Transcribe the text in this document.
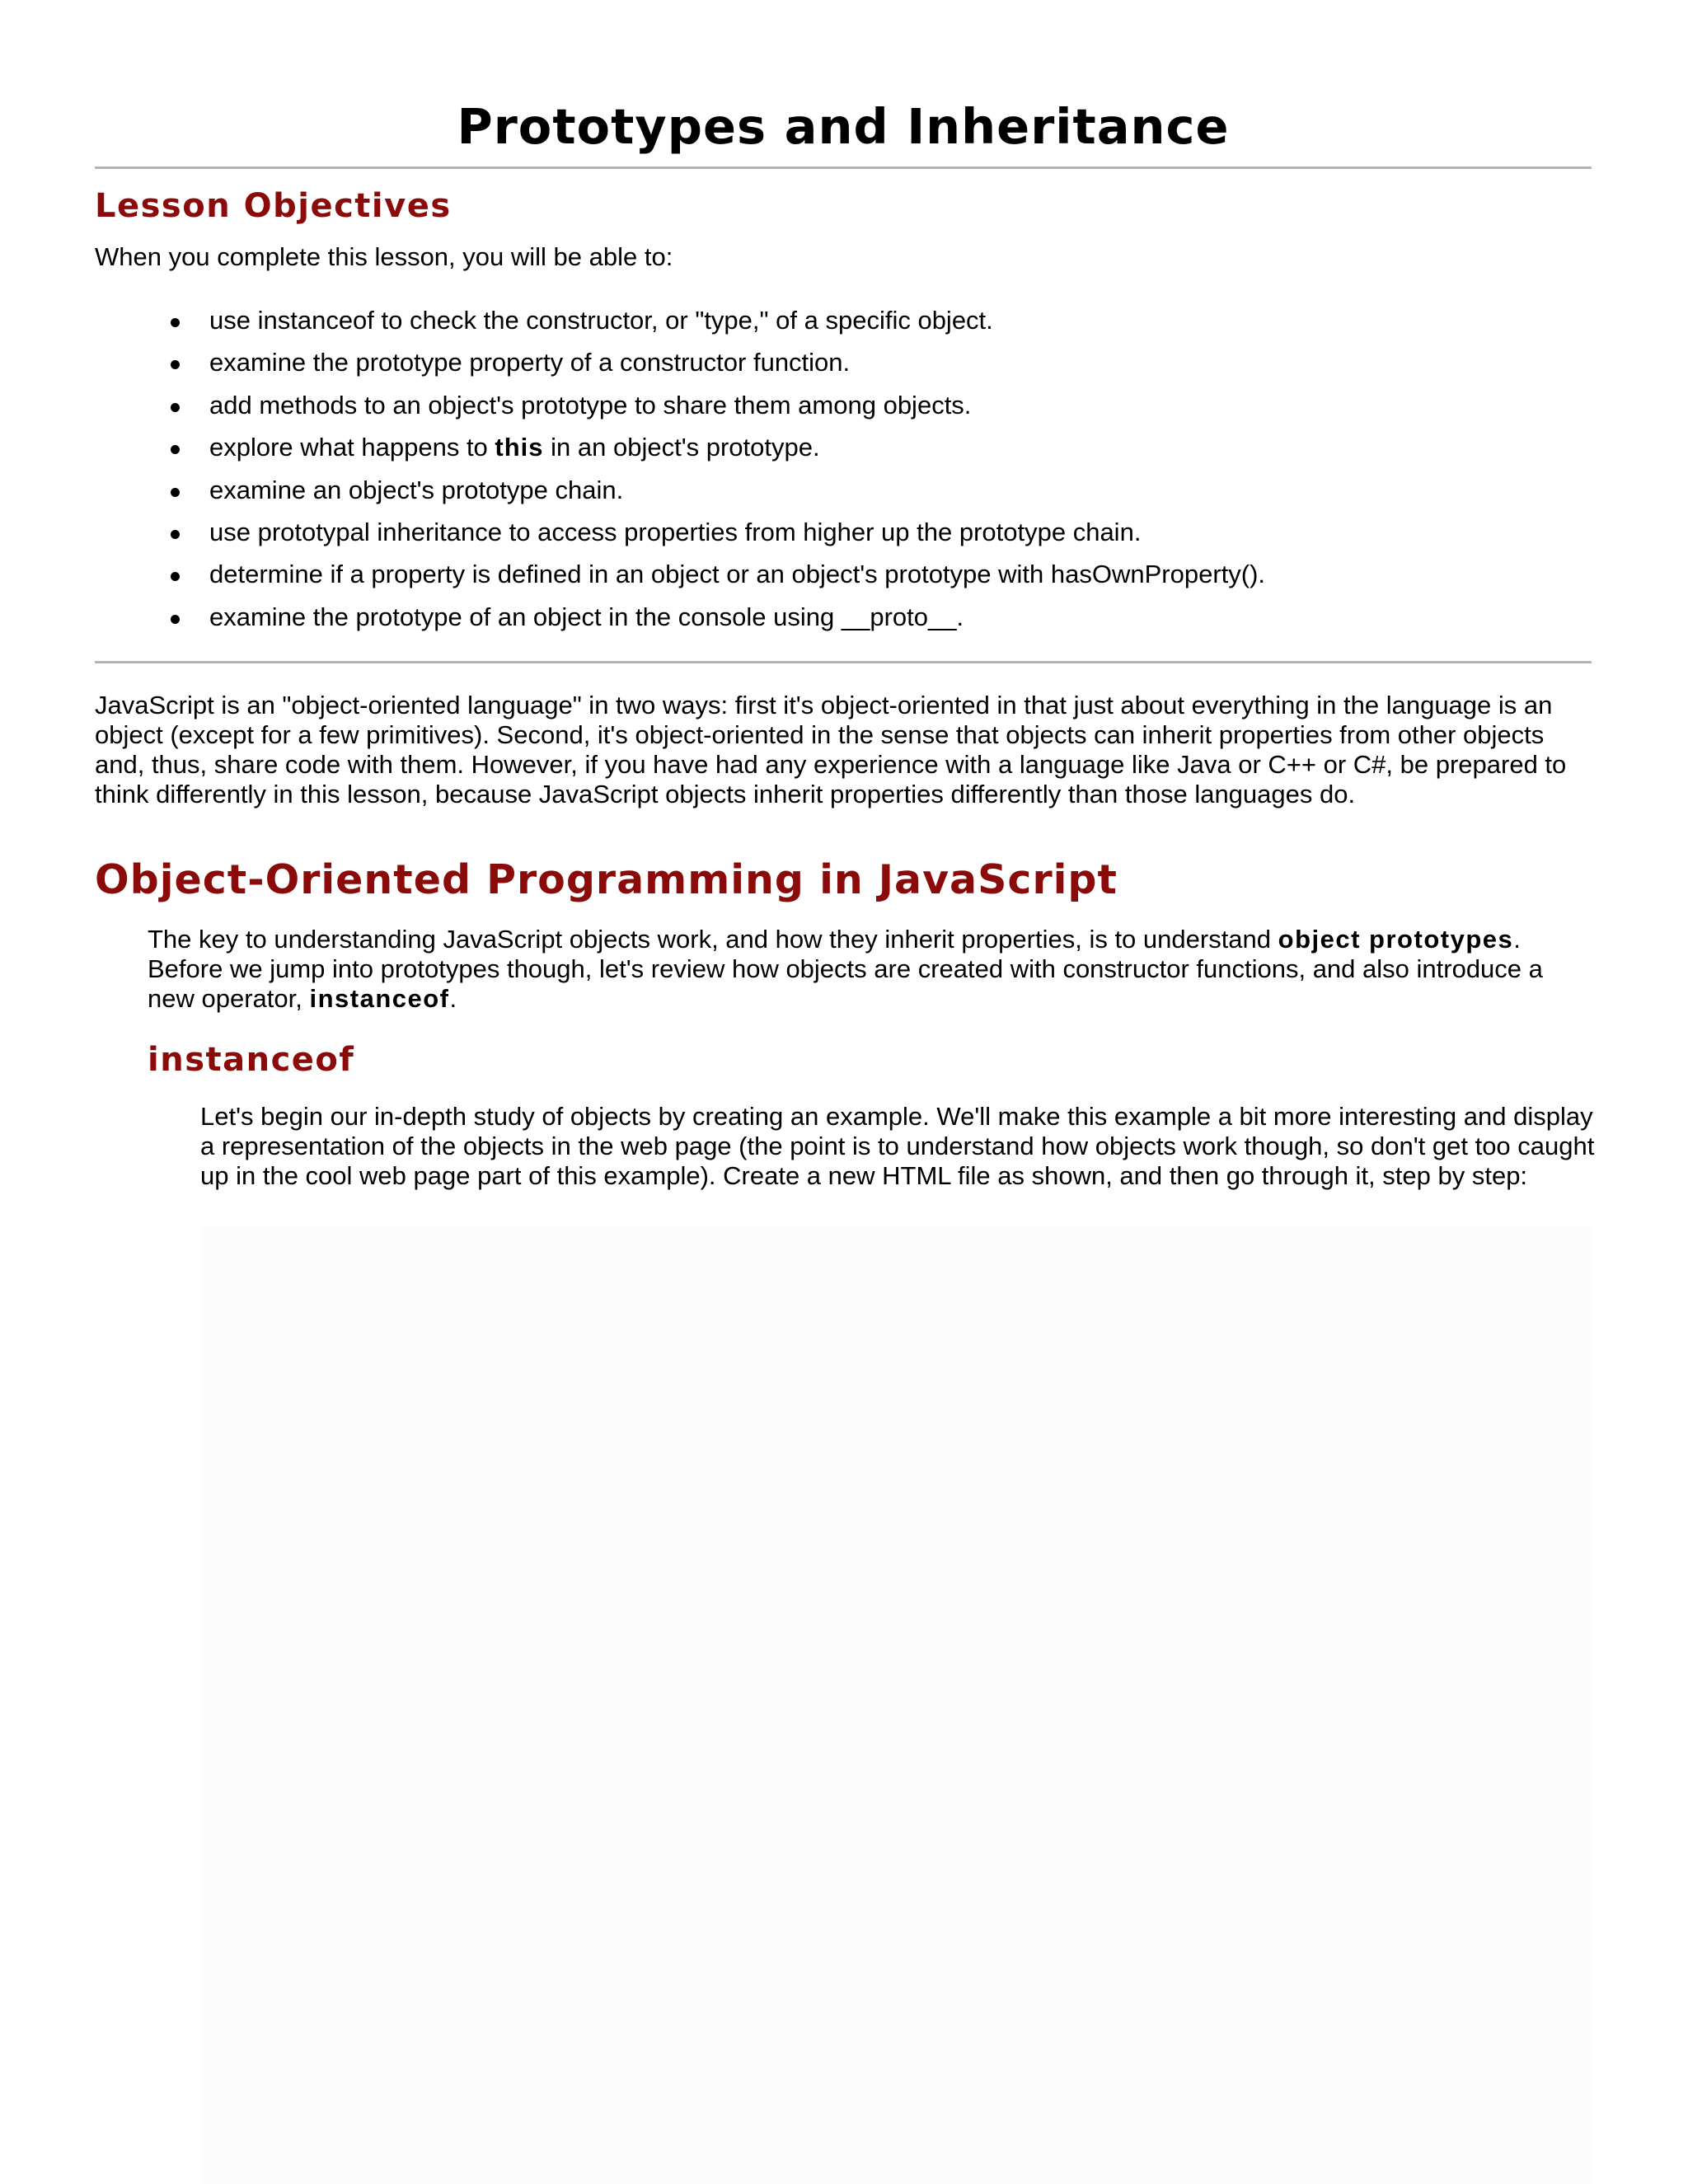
Prototypes and Inheritance
Lesson Objectives

When you complete this lesson, you will be able to:

use instanceof to check the constructor, or "type," of a specific object.
examine the prototype property of a constructor function.
add methods to an object's prototype to share them among objects.
explore what happens to this in an object's prototype.
examine an object's prototype chain.
use prototypal inheritance to access properties from higher up the prototype chain.
determine if a property is defined in an object or an object's prototype with hasOwnProperty().
examine the prototype of an object in the console using __proto__.

JavaScript is an "object-oriented language" in two ways: first it's object-oriented in that just about everything in the language is an object (except for a few primitives). Second, it's object-oriented in the sense that objects can inherit properties from other objects and, thus, share code with them. However, if you have had any experience with a language like Java or C++ or C#, be prepared to think differently in this lesson, because JavaScript objects inherit properties differently than those languages do.

Object-Oriented Programming in JavaScript

The key to understanding JavaScript objects work, and how they inherit properties, is to understand object prototypes. Before we jump into prototypes though, let's review how objects are created with constructor functions, and also introduce a new operator, instanceof.

instanceof

Let's begin our in-depth study of objects by creating an example. We'll make this example a bit more interesting and display a representation of the objects in the web page (the point is to understand how objects work though, so don't get too caught up in the cool web page part of this example). Create a new HTML file as shown, and then go through it, step by step:
